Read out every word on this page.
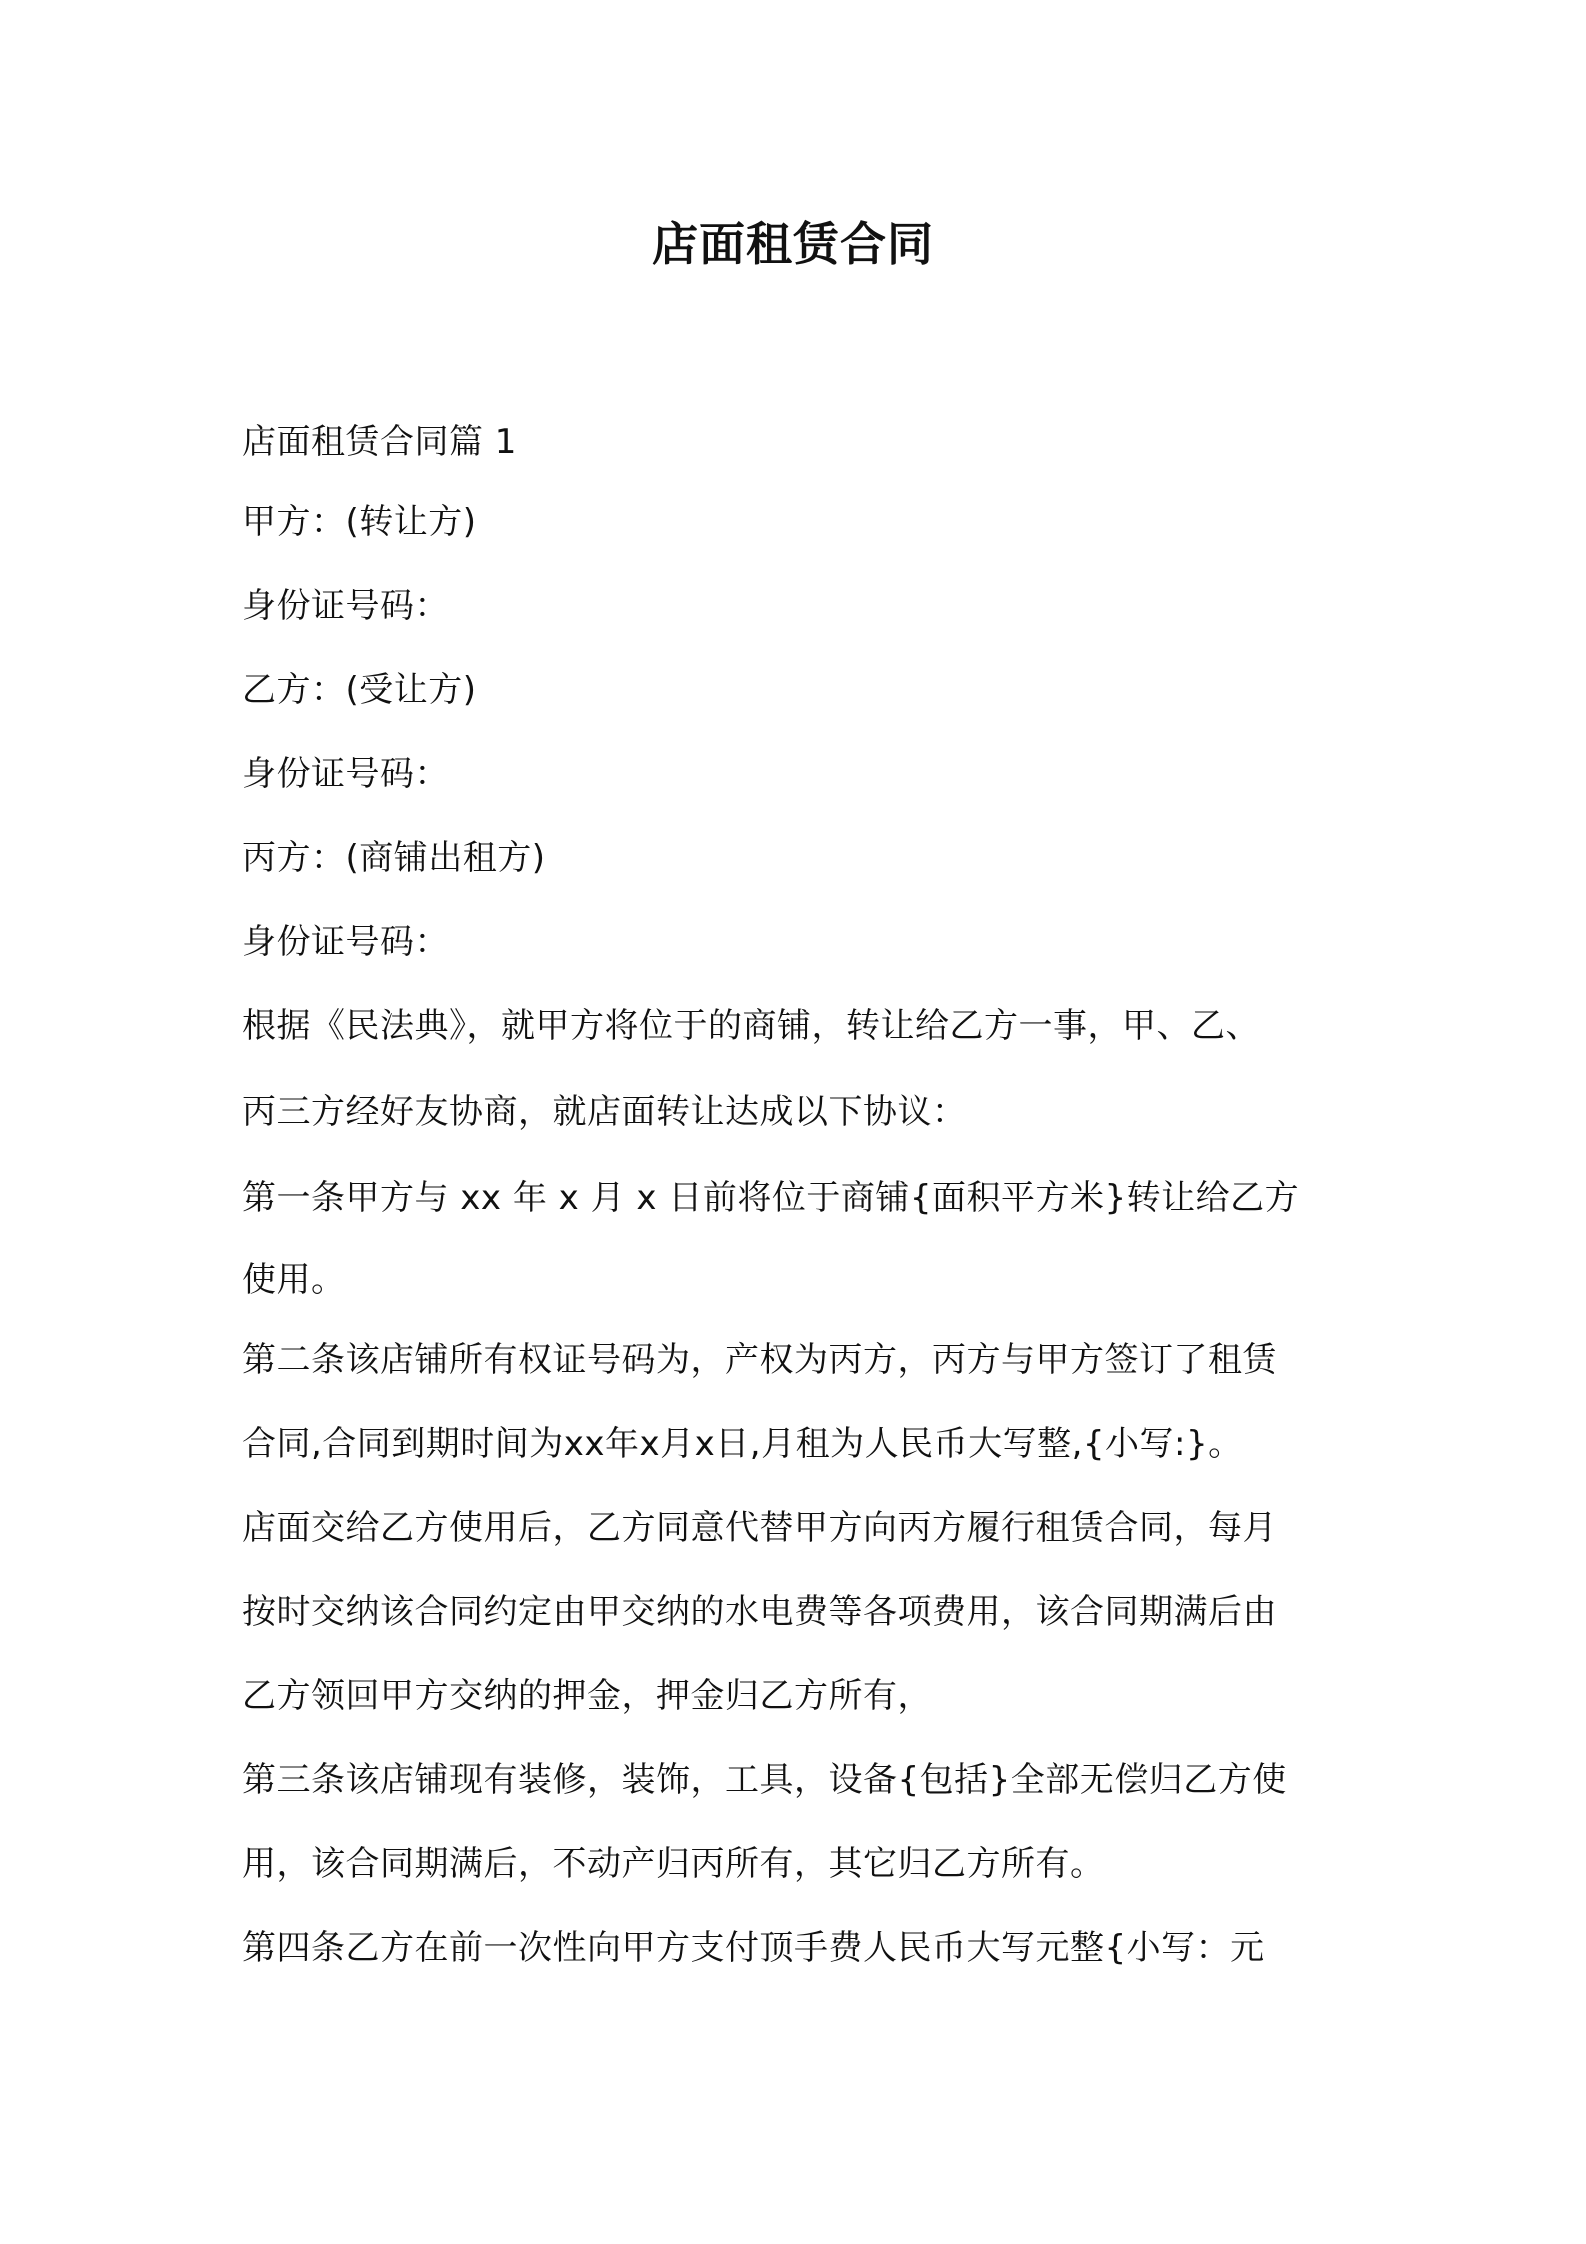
店面租赁合同
店面租赁合同篇 1
甲方：(转让方)
身份证号码：
乙方：(受让方)
身份证号码：
丙方：(商铺出租方)
身份证号码：
根据《民法典》，就甲方将位于的商铺，转让给乙方一事，甲、乙、
丙三方经好友协商，就店面转让达成以下协议：
第一条甲方与 xx 年 x 月 x 日前将位于商铺{面积平方米}转让给乙方
使用。
第二条该店铺所有权证号码为，产权为丙方，丙方与甲方签订了租赁
合同,合同到期时间为xx年x月x日,月租为人民币大写整,{小写:}。
店面交给乙方使用后，乙方同意代替甲方向丙方履行租赁合同，每月
按时交纳该合同约定由甲交纳的水电费等各项费用，该合同期满后由
乙方领回甲方交纳的押金，押金归乙方所有，
第三条该店铺现有装修，装饰，工具，设备{包括}全部无偿归乙方使
用，该合同期满后，不动产归丙所有，其它归乙方所有。
第四条乙方在前一次性向甲方支付顶手费人民币大写元整{小写：元
